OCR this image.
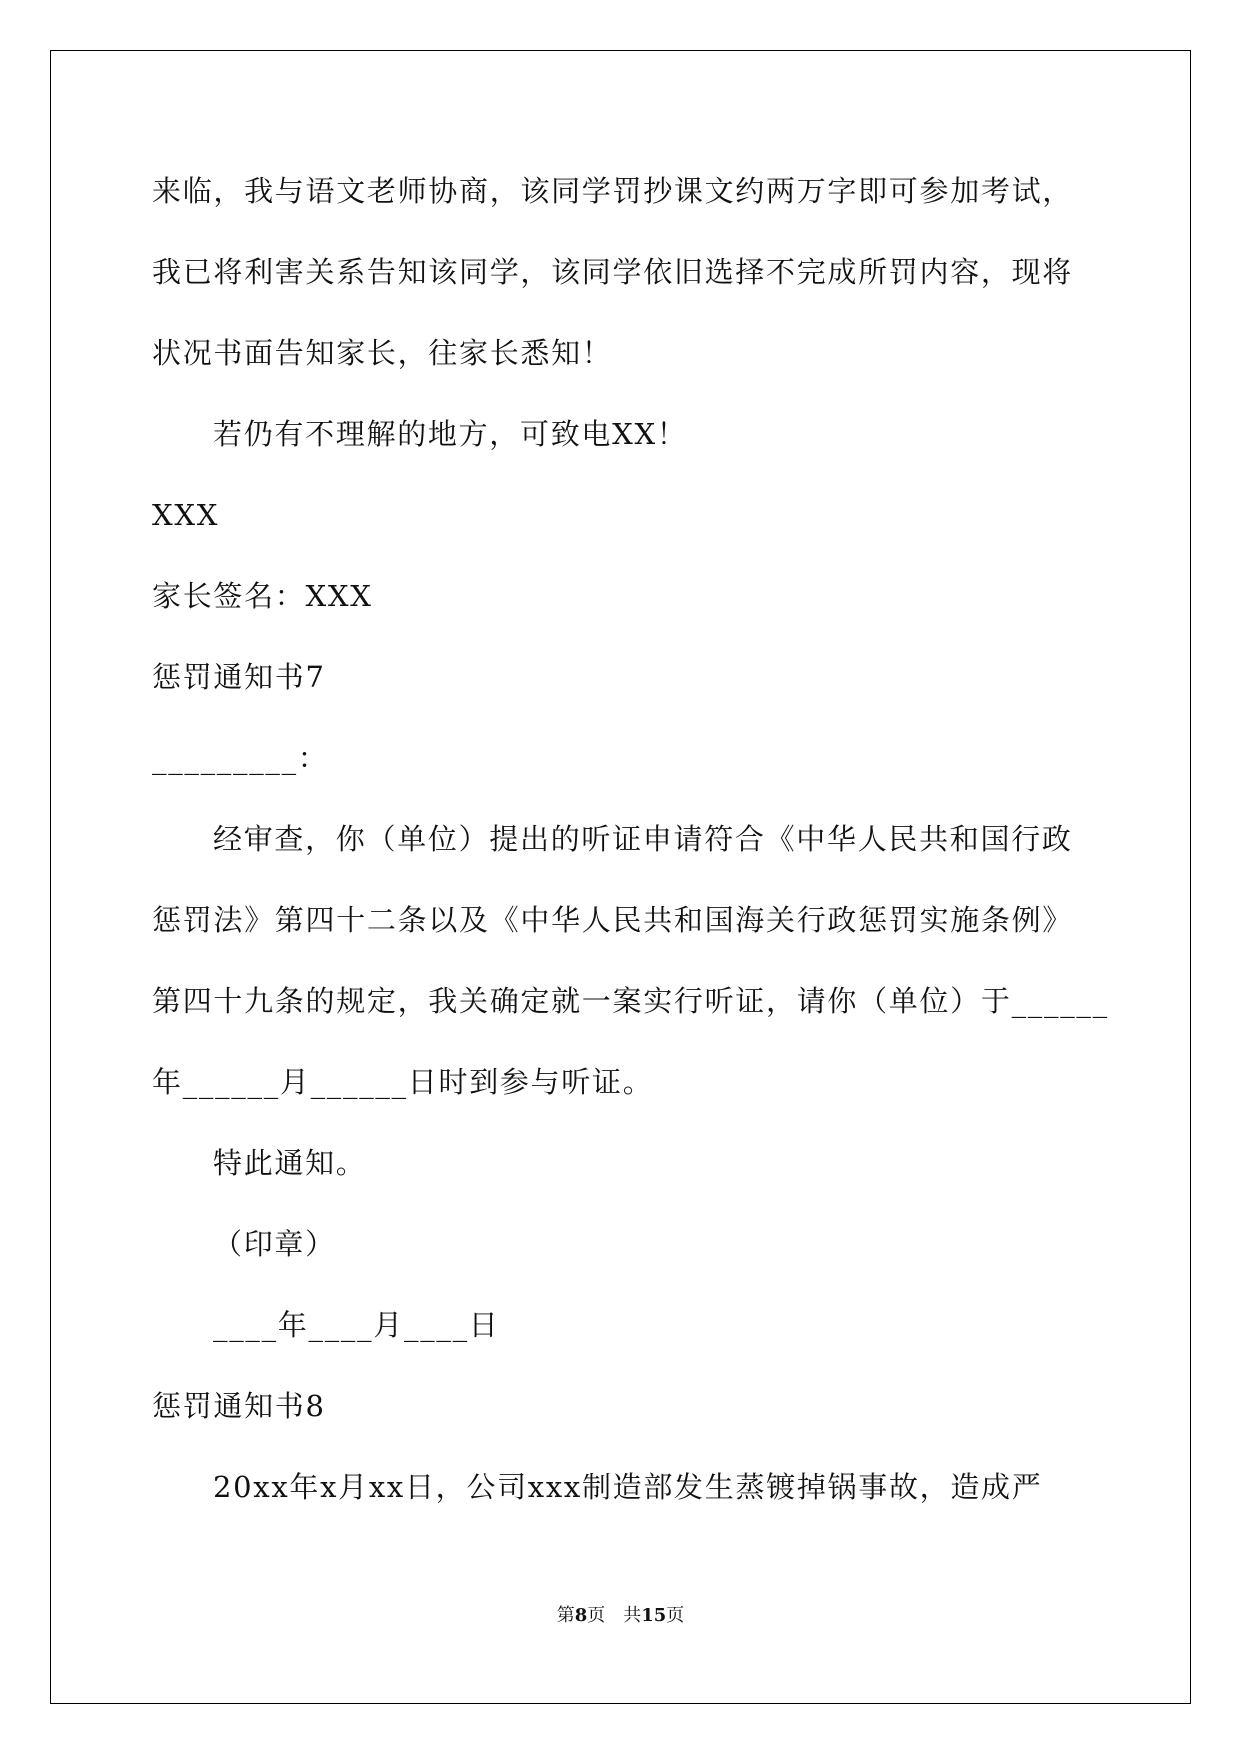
来临，我与语文老师协商，该同学罚抄课文约两万字即可参加考试，

我已将利害关系告知该同学，该同学依旧选择不完成所罚内容，现将

状况书面告知家长，往家长悉知！

若仍有不理解的地方，可致电XX！

XXX

家长签名：XXX

惩罚通知书7

_________：

经审查，你（单位）提出的听证申请符合《中华人民共和国行政

惩罚法》第四十二条以及《中华人民共和国海关行政惩罚实施条例》

第四十九条的规定，我关确定就一案实行听证，请你（单位）于______

年______月______日时到参与听证。

特此通知。

（印章）

____年____月____日

惩罚通知书8

20xx年x月xx日，公司xxx制造部发生蒸镀掉锅事故，造成严

第8页　共15页
